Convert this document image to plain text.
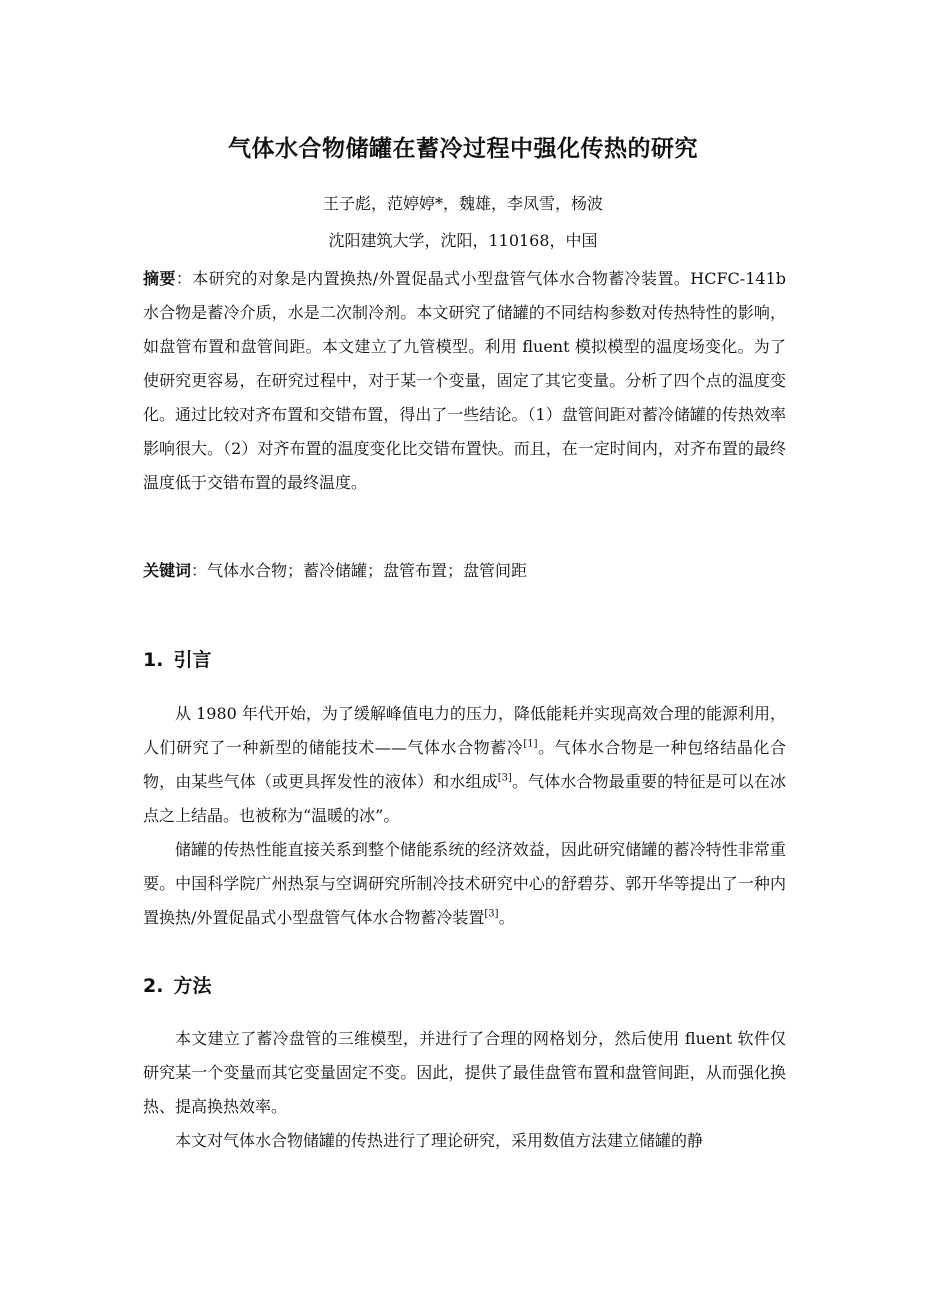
气体水合物储罐在蓄冷过程中强化传热的研究
王子彪，范婷婷*，魏雄，李凤雪，杨波
沈阳建筑大学，沈阳，110168，中国
摘要：本研究的对象是内置换热/外置促晶式小型盘管气体水合物蓄冷装置。HCFC-141b 水合物是蓄冷介质，水是二次制冷剂。本文研究了储罐的不同结构参数对传热特性的影响，如盘管布置和盘管间距。本文建立了九管模型。利用 fluent 模拟模型的温度场变化。为了使研究更容易，在研究过程中，对于某一个变量，固定了其它变量。分析了四个点的温度变化。通过比较对齐布置和交错布置，得出了一些结论。（1）盘管间距对蓄冷储罐的传热效率影响很大。（2）对齐布置的温度变化比交错布置快。而且，在一定时间内，对齐布置的最终温度低于交错布置的最终温度。
关键词：气体水合物；蓄冷储罐；盘管布置；盘管间距
1. 引言

从 1980 年代开始，为了缓解峰值电力的压力，降低能耗并实现高效合理的能源利用，人们研究了一种新型的储能技术——气体水合物蓄冷[1]。气体水合物是一种包络结晶化合物，由某些气体（或更具挥发性的液体）和水组成[3]。气体水合物最重要的特征是可以在冰点之上结晶。也被称为“温暖的冰”。

储罐的传热性能直接关系到整个储能系统的经济效益，因此研究储罐的蓄冷特性非常重要。中国科学院广州热泵与空调研究所制冷技术研究中心的舒碧芬、郭开华等提出了一种内置换热/外置促晶式小型盘管气体水合物蓄冷装置[3]。

2. 方法

本文建立了蓄冷盘管的三维模型，并进行了合理的网格划分，然后使用 fluent 软件仅研究某一个变量而其它变量固定不变。因此，提供了最佳盘管布置和盘管间距，从而强化换热、提高换热效率。

本文对气体水合物储罐的传热进行了理论研究，采用数值方法建立储罐的静
